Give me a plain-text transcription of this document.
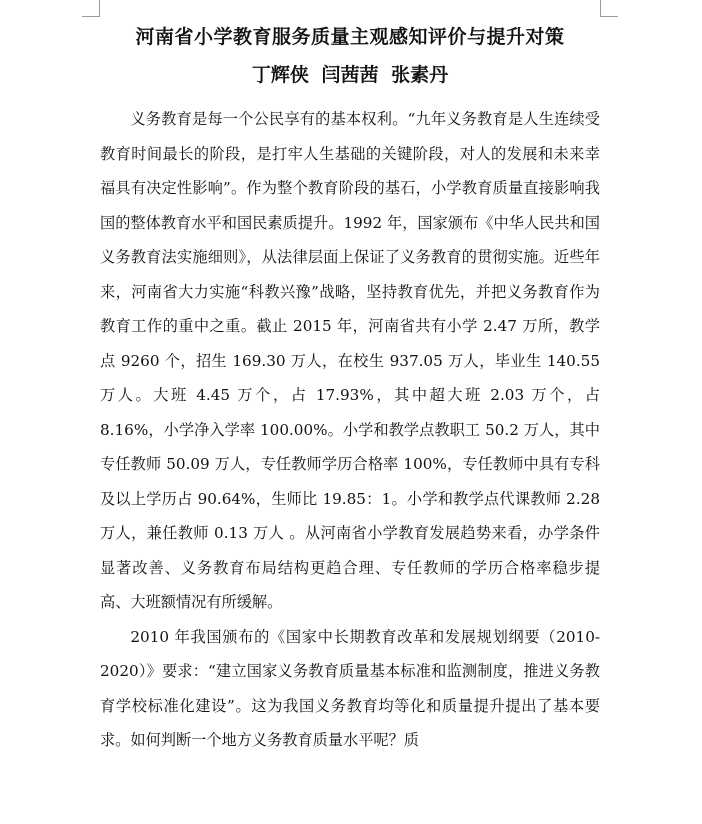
河南省小学教育服务质量主观感知评价与提升对策
丁辉侠 闫茜茜 张素丹

义务教育是每一个公民享有的基本权利。“九年义务教育是人生连续受教育时间最长的阶段，是打牢人生基础的关键阶段，对人的发展和未来幸福具有决定性影响”。作为整个教育阶段的基石，小学教育质量直接影响我国的整体教育水平和国民素质提升。1992 年，国家颁布《中华人民共和国义务教育法实施细则》，从法律层面上保证了义务教育的贯彻实施。近些年来，河南省大力实施“科教兴豫”战略，坚持教育优先，并把义务教育作为教育工作的重中之重。截止 2015 年，河南省共有小学 2.47 万所，教学点 9260 个，招生 169.30 万人，在校生 937.05 万人，毕业生 140.55 万人。大班 4.45 万个，占 17.93%，其中超大班 2.03 万个，占 8.16%，小学净入学率 100.00%。小学和教学点教职工 50.2 万人，其中专任教师 50.09 万人，专任教师学历合格率 100%，专任教师中具有专科及以上学历占 90.64%，生师比 19.85：1。小学和教学点代课教师 2.28 万人，兼任教师 0.13 万人 。从河南省小学教育发展趋势来看，办学条件显著改善、义务教育布局结构更趋合理、专任教师的学历合格率稳步提高、大班额情况有所缓解。

2010 年我国颁布的《国家中长期教育改革和发展规划纲要（2010-2020）》要求：“建立国家义务教育质量基本标准和监测制度，推进义务教育学校标准化建设”。这为我国义务教育均等化和质量提升提出了基本要求。如何判断一个地方义务教育质量水平呢？质
